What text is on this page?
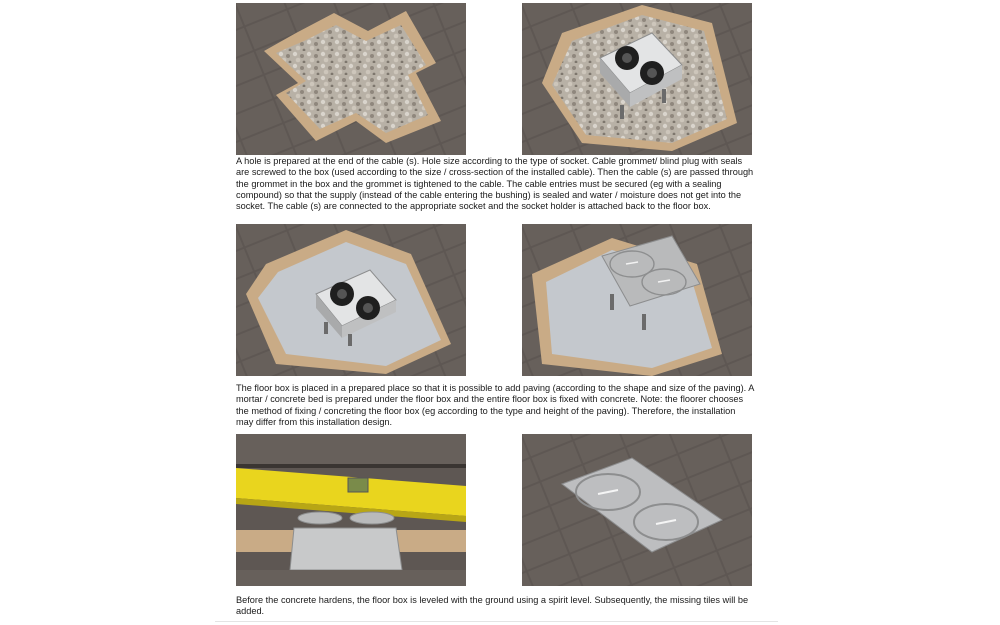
A hole is prepared at the end of the cable (s). Hole size according to the type of socket. Cable grommet/ blind plug with seals are screwed to the box (used according to the size / cross-section of the installed cable). Then the cable (s) are passed through the grommet in the box and the grommet is tightened to the cable. The cable entries must be secured (eg with a sealing compound) so that the supply (instead of the cable entering the bushing) is sealed and water / moisture does not get into the socket. The cable (s) are connected to the appropriate socket and the socket holder is attached back to the floor box.

The floor box is placed in a prepared place so that it is possible to add paving (according to the shape and size of the paving). A mortar / concrete bed is prepared under the floor box and the entire floor box is fixed with concrete. Note: the floorer chooses the method of fixing / concreting the floor box (eg according to the type and height of the paving). Therefore, the installation may differ from this installation design.

Before the concrete hardens, the floor box is leveled with the ground using a spirit level. Subsequently, the missing tiles will be added.
